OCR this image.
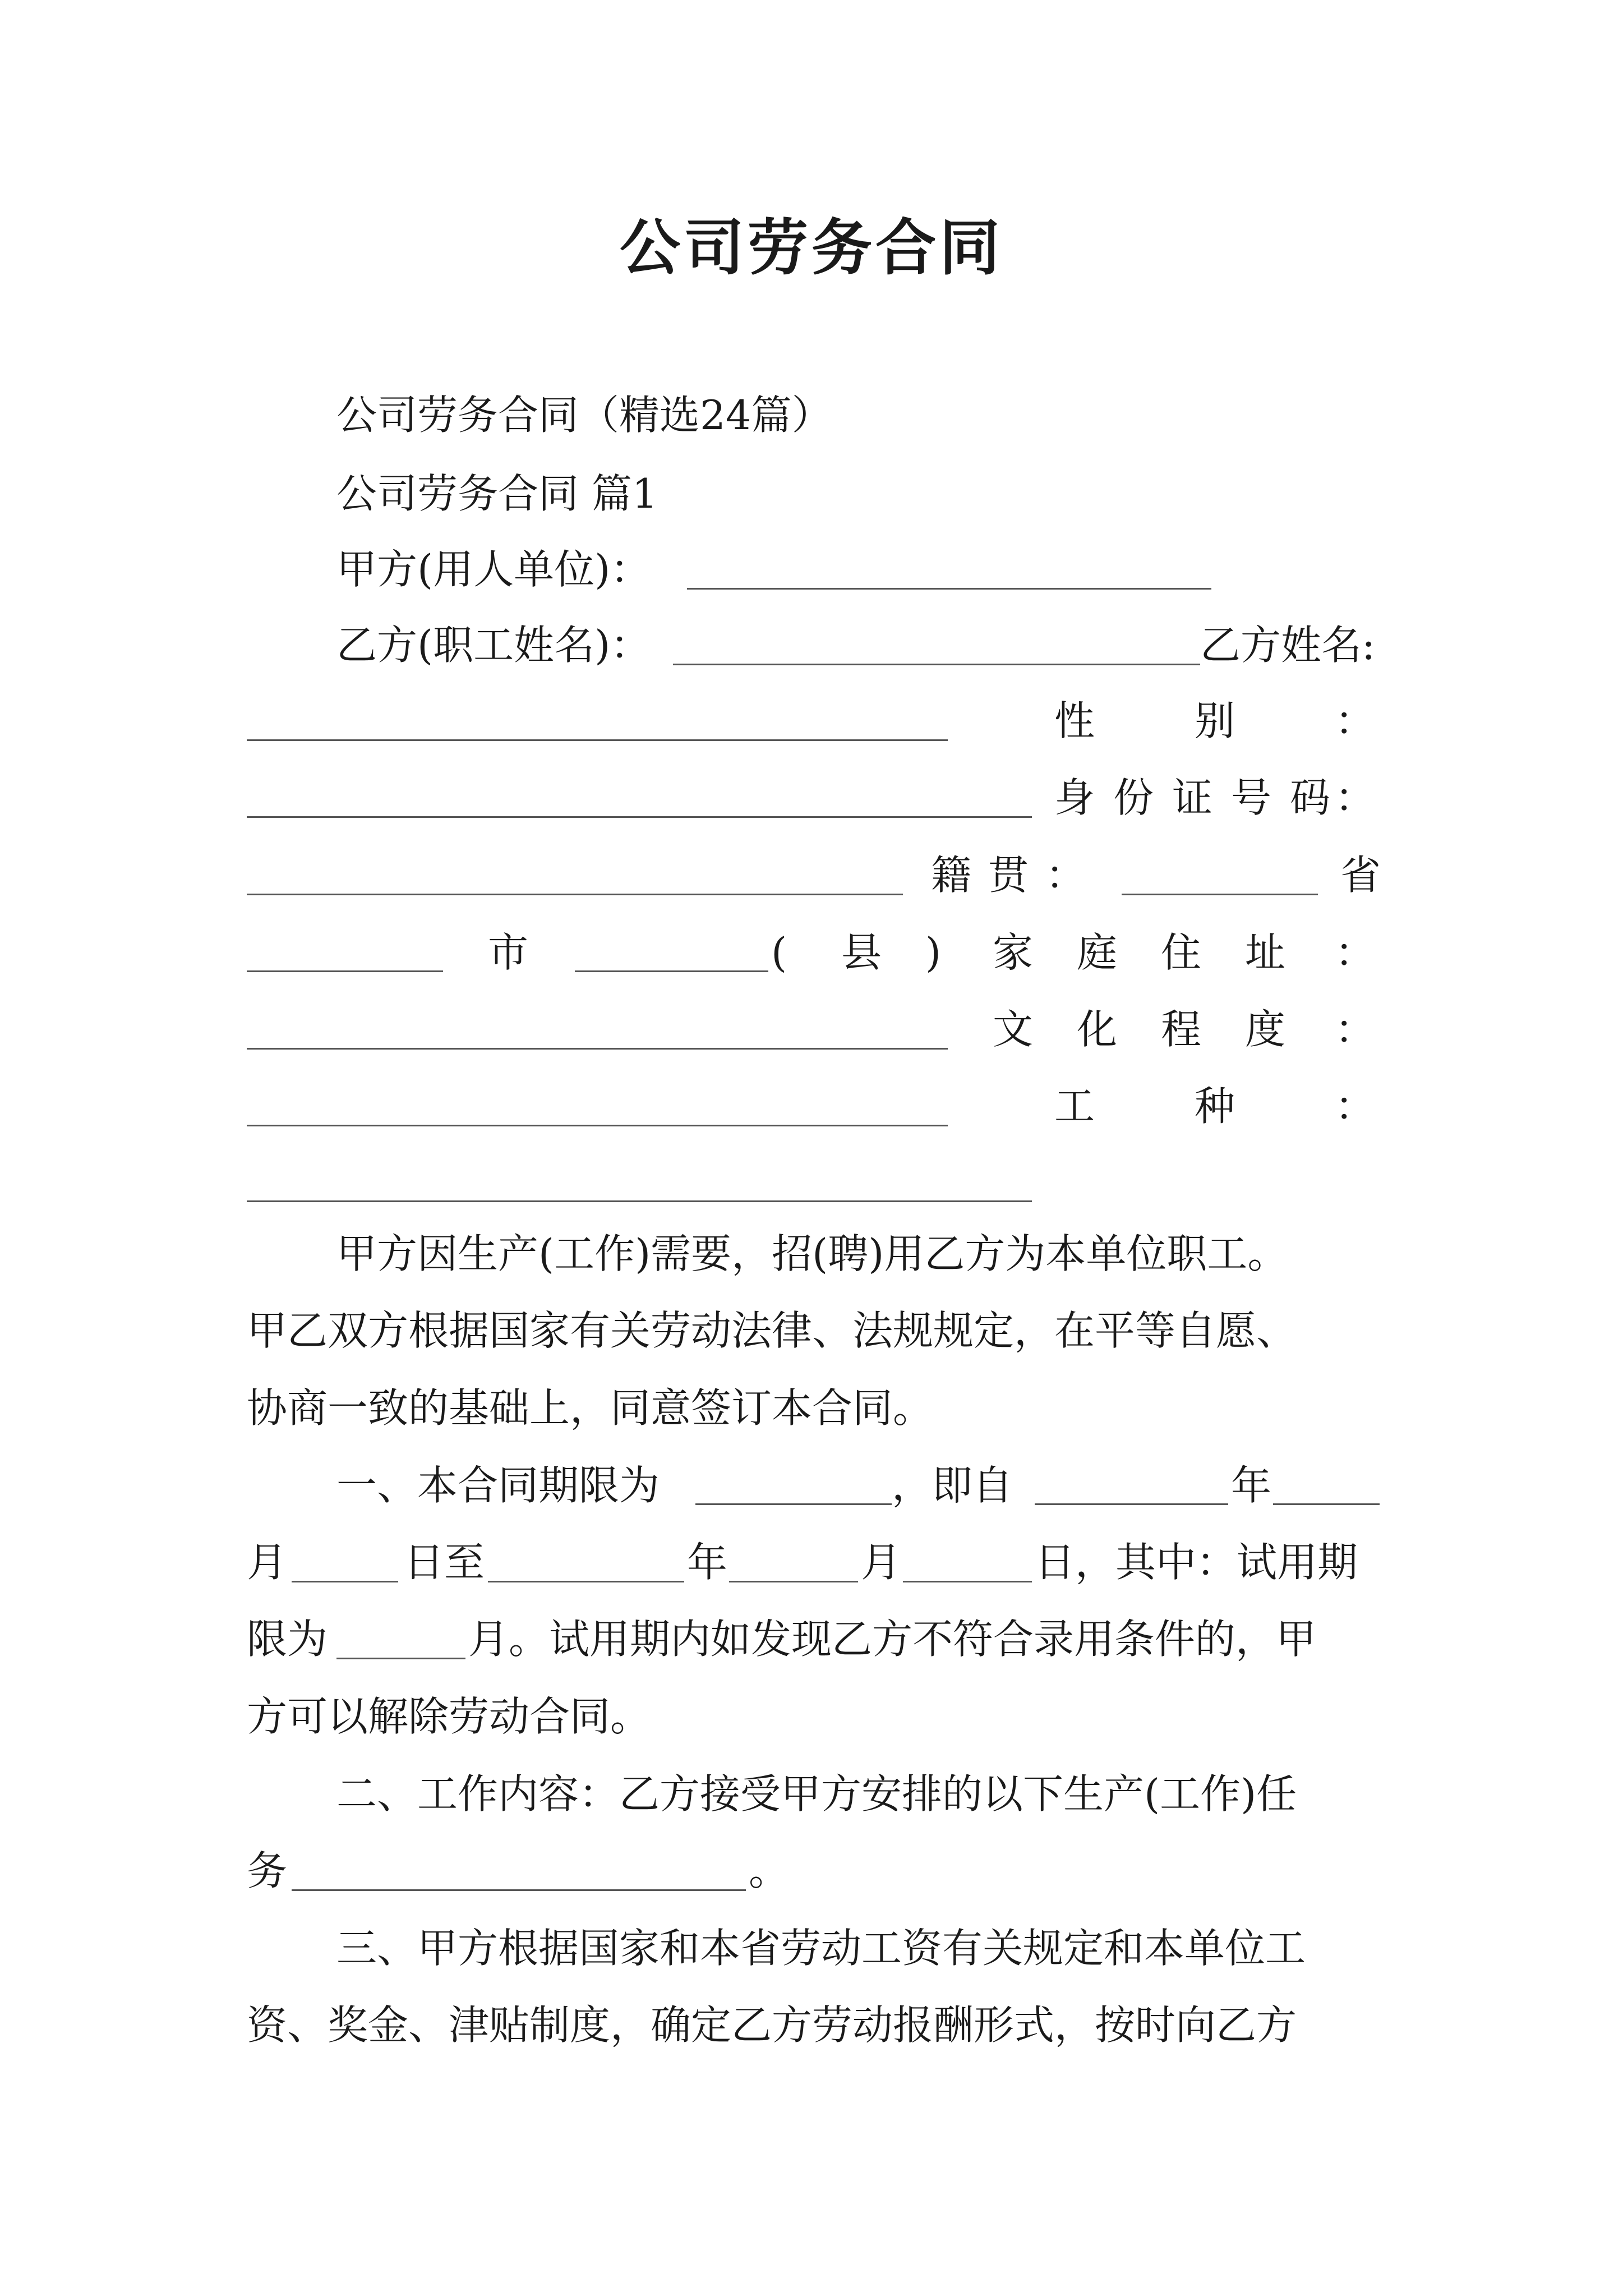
公司劳务合同
公司劳务合同（精选24篇）
公司劳务合同 篇1
甲方(用人单位)：
乙方(职工姓名)：	乙方姓名:
性 别 ：
身 份 证 号 码 ：
籍贯：	省
市	( 县 ) 家 庭 住 址 ：
文 化 程 度 ：
工 种 ：
甲方因生产(工作)需要，招(聘)用乙方为本单位职工。
甲乙双方根据国家有关劳动法律、法规规定，在平等自愿、
协商一致的基础上，同意签订本合同。
一、本合同期限为	，即自	年
月	日至	年	月	日，其中：试用期
限为	月。试用期内如发现乙方不符合录用条件的，甲
方可以解除劳动合同。
二、工作内容：乙方接受甲方安排的以下生产(工作)任
务	。
三、甲方根据国家和本省劳动工资有关规定和本单位工
资、奖金、津贴制度，确定乙方劳动报酬形式，按时向乙方
